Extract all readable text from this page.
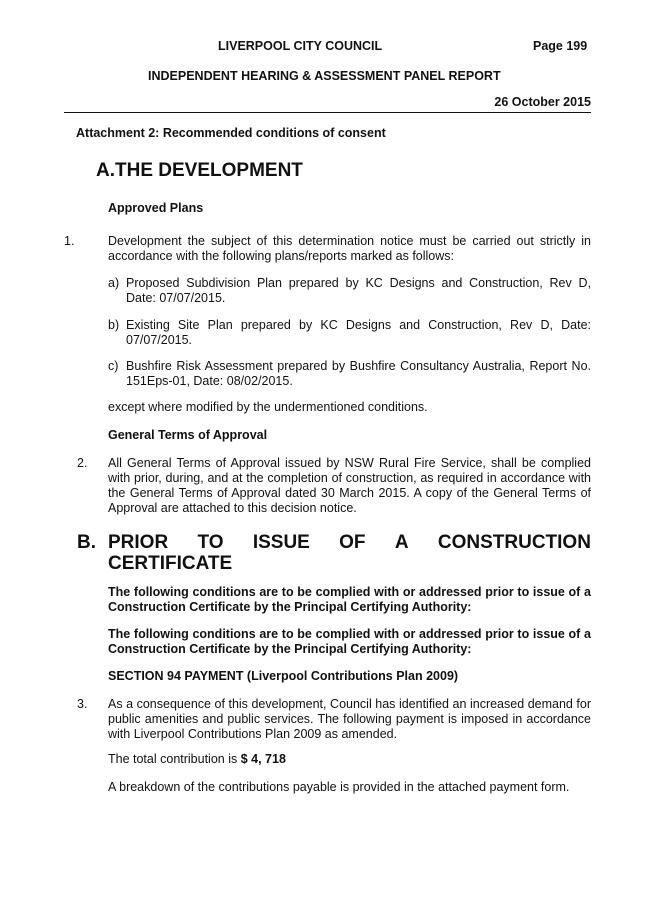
LIVERPOOL CITY COUNCIL	Page 199
INDEPENDENT HEARING & ASSESSMENT PANEL REPORT
26 October 2015
Attachment 2: Recommended conditions of consent
A.THE DEVELOPMENT
Approved Plans
1.	Development the subject of this determination notice must be carried out strictly in accordance with the following plans/reports marked as follows:
a) Proposed Subdivision Plan prepared by KC Designs and Construction, Rev D, Date: 07/07/2015.
b) Existing Site Plan prepared by KC Designs and Construction, Rev D, Date: 07/07/2015.
c) Bushfire Risk Assessment prepared by Bushfire Consultancy Australia, Report No. 151Eps-01, Date: 08/02/2015.
except where modified by the undermentioned conditions.
General Terms of Approval
2. All General Terms of Approval issued by NSW Rural Fire Service, shall be complied with prior, during, and at the completion of construction, as required in accordance with the General Terms of Approval dated 30 March 2015. A copy of the General Terms of Approval are attached to this decision notice.
B. PRIOR TO ISSUE OF A CONSTRUCTION
CERTIFICATE
The following conditions are to be complied with or addressed prior to issue of a Construction Certificate by the Principal Certifying Authority:
The following conditions are to be complied with or addressed prior to issue of a Construction Certificate by the Principal Certifying Authority:
SECTION 94 PAYMENT (Liverpool Contributions Plan 2009)
3. As a consequence of this development, Council has identified an increased demand for public amenities and public services. The following payment is imposed in accordance with Liverpool Contributions Plan 2009 as amended.
The total contribution is $ 4, 718
A breakdown of the contributions payable is provided in the attached payment form.
